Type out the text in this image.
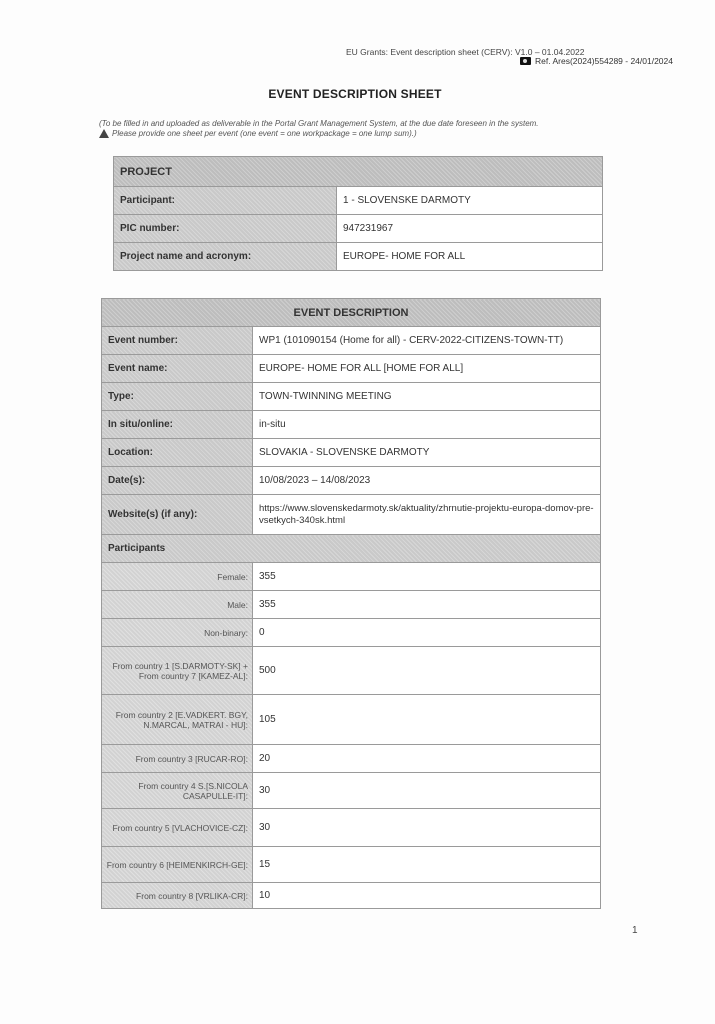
EU Grants: Event description sheet (CERV): V1.0 – 01.04.2022
Ref. Ares(2024)554289 - 24/01/2024
EVENT DESCRIPTION SHEET
(To be filled in and uploaded as deliverable in the Portal Grant Management System, at the due date foreseen in the system.
Please provide one sheet per event (one event = one workpackage = one lump sum).)
PROJECT	
Participant:	1 - SLOVENSKE DARMOTY
PIC number:	947231967
Project name and acronym:	EUROPE- HOME FOR ALL
EVENT DESCRIPTION	
Event number:	WP1 (101090154 (Home for all) - CERV-2022-CITIZENS-TOWN-TT)
Event name:	EUROPE- HOME FOR ALL [HOME FOR ALL]
Type:	TOWN-TWINNING MEETING
In situ/online:	in-situ
Location:	SLOVAKIA - SLOVENSKE DARMOTY
Date(s):	10/08/2023 – 14/08/2023
Website(s) (if any):	https://www.slovenskedarmoty.sk/aktuality/zhrnutie-projektu-europa-domov-pre-vsetkych-340sk.html
Participants	
Female:	355
Male:	355
Non-binary:	0
From country 1 [S.DARMOTY-SK] + From country 7 [KAMEZ-AL]:	500
From country 2 [E.VADKERT. BGY, N.MARCAL, MATRAI - HU]:	105
From country 3 [RUCAR-RO]:	20
From country 4 S.[S.NICOLA CASAPULLE-IT]:	30
From country 5 [VLACHOVICE-CZ]:	30
From country 6 [HEIMENKIRCH-GE]:	15
From country 8 [VRLIKA-CR]:	10
1
